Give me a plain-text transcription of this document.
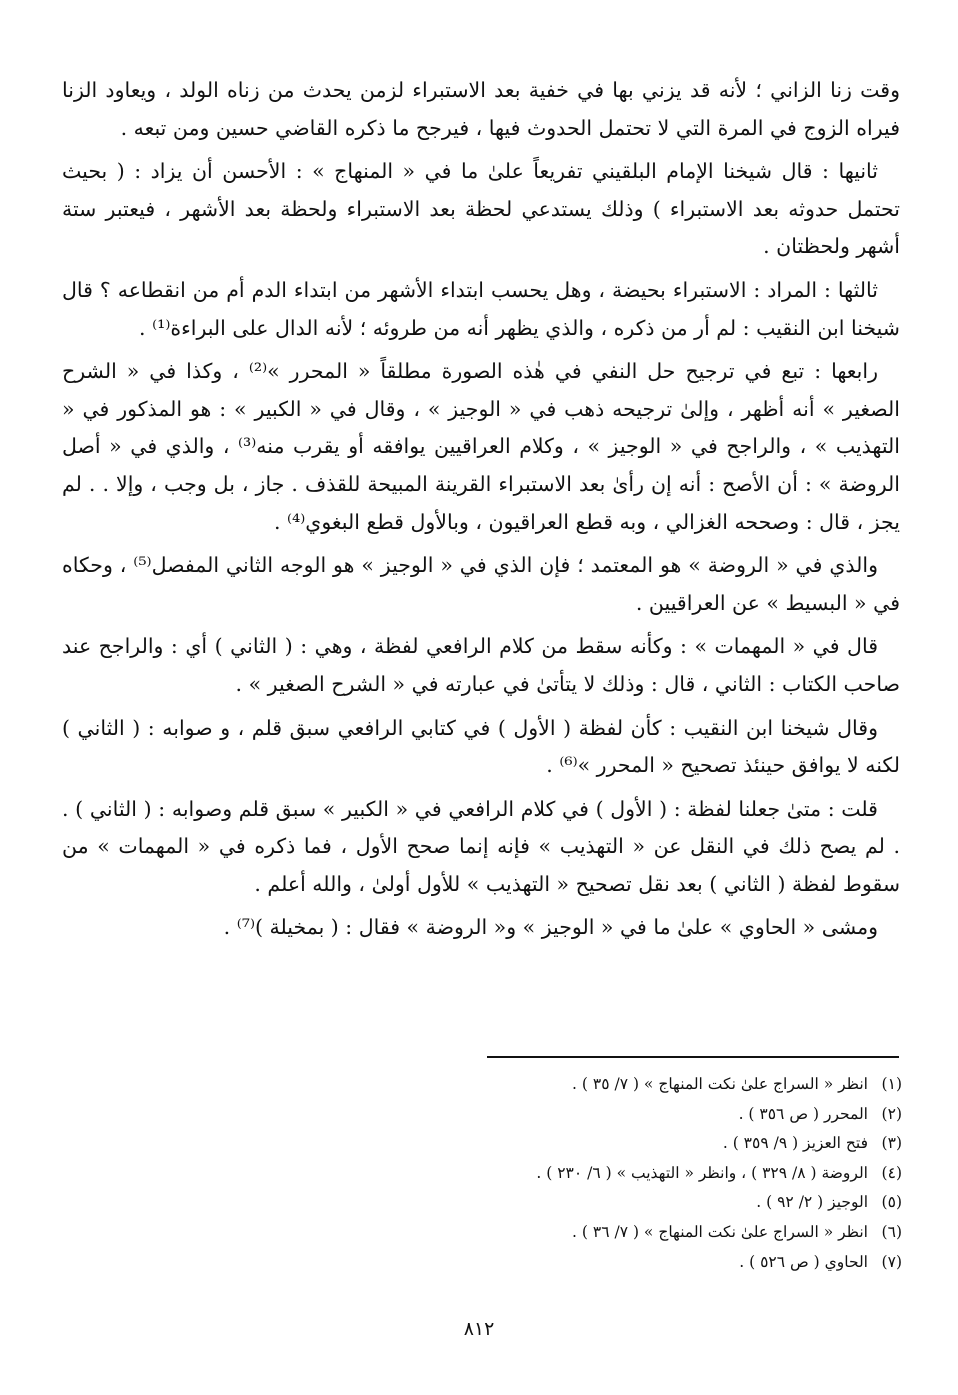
وقت زنا الزاني ؛ لأنه قد يزني بها في خفية بعد الاستبراء لزمن يحدث من زناه الولد ، ويعاود الزنا فيراه الزوج في المرة التي لا تحتمل الحدوث فيها ، فيرجح ما ذكره القاضي حسين ومن تبعه .

ثانيها : قال شيخنا الإمام البلقيني تفريعاً علىٰ ما في « المنهاج » : الأحسن أن يزاد : ( بحيث تحتمل حدوثه بعد الاستبراء ) وذلك يستدعي لحظة بعد الاستبراء ولحظة بعد الأشهر ، فيعتبر ستة أشهر ولحظتان .

ثالثها : المراد : الاستبراء بحيضة ، وهل يحسب ابتداء الأشهر من ابتداء الدم أم من انقطاعه ؟ قال شيخنا ابن النقيب : لم أر من ذكره ، والذي يظهر أنه من طروئه ؛ لأنه الدال على البراءة⁽¹⁾ .

رابعها : تبع في ترجيح حل النفي في هٰذه الصورة مطلقاً « المحرر »⁽²⁾ ، وكذا في « الشرح الصغير » أنه أظهر ، وإلىٰ ترجيحه ذهب في « الوجيز » ، وقال في « الكبير » : هو المذكور في « التهذيب » ، والراجح في « الوجيز » ، وكلام العراقيين يوافقه أو يقرب منه⁽³⁾ ، والذي في « أصل الروضة » : أن الأصح : أنه إن رأىٰ بعد الاستبراء القرينة المبيحة للقذف . جاز ، بل وجب ، وإلا . . لم يجز ، قال : وصححه الغزالي ، وبه قطع العراقيون ، وبالأول قطع البغوي⁽⁴⁾ .

والذي في « الروضة » هو المعتمد ؛ فإن الذي في « الوجيز » هو الوجه الثاني المفصل⁽⁵⁾ ، وحكاه في « البسيط » عن العراقيين .

قال في « المهمات » : وكأنه سقط من كلام الرافعي لفظة ، وهي : ( الثاني ) أي : والراجح عند صاحب الكتاب : الثاني ، قال : وذلك لا يتأتىٰ في عبارته في « الشرح الصغير » .

وقال شيخنا ابن النقيب : كأن لفظة ( الأول ) في كتابي الرافعي سبق قلم ، و صوابه : ( الثاني ) لكنه لا يوافق حينئذ تصحيح « المحرر »⁽⁶⁾ .

قلت : متىٰ جعلنا لفظة : ( الأول ) في كلام الرافعي في « الكبير » سبق قلم وصوابه : ( الثاني ) . . لم يصح ذلك في النقل عن « التهذيب » فإنه إنما صحح الأول ، فما ذكره في « المهمات » من سقوط لفظة ( الثاني ) بعد نقل تصحيح « التهذيب » للأول أولىٰ ، والله أعلم .

ومشى « الحاوي » علىٰ ما في « الوجيز » و« الروضة » فقال : ( بمخيلة )⁽⁷⁾ .

(١)
انظر « السراج علىٰ نكت المنهاج » ( ٧/ ٣٥ ) .
(٢)
المحرر ( ص ٣٥٦ ) .
(٣)
فتح العزيز ( ٩/ ٣٥٩ ) .
(٤)
الروضة ( ٨/ ٣٢٩ ) ، وانظر « التهذيب » ( ٦/ ٢٣٠ ) .
(٥)
الوجيز ( ٢/ ٩٢ ) .
(٦)
انظر « السراج علىٰ نكت المنهاج » ( ٧/ ٣٦ ) .
(٧)
الحاوي ( ص ٥٢٦ ) .
٨١٢
